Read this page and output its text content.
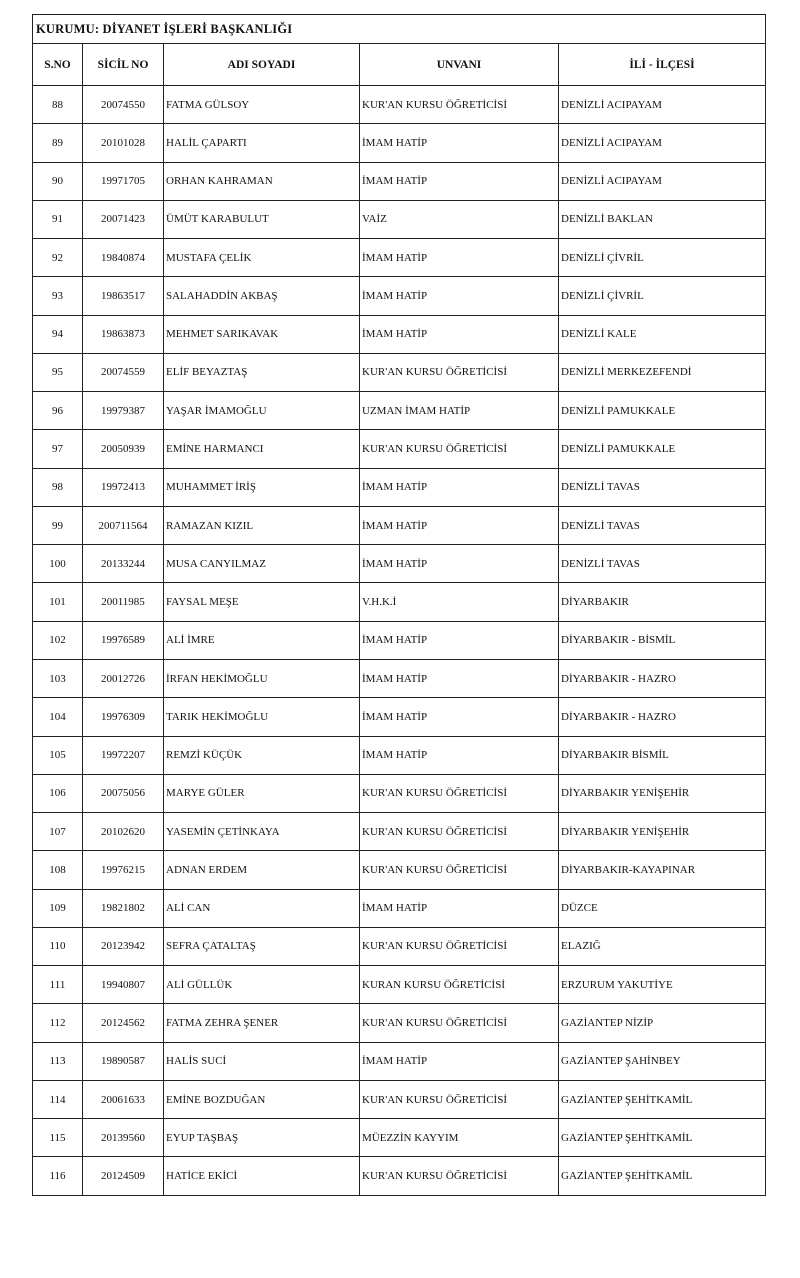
KURUMU: DİYANET İŞLERİ BAŞKANLIĞI				
S.NO	SİCİL NO	ADI SOYADI	UNVANI	İLİ - İLÇESİ
88	20074550	FATMA GÜLSOY	KUR'AN KURSU ÖĞRETİCİSİ	DENİZLİ ACIPAYAM
89	20101028	HALİL ÇAPARTI	İMAM HATİP	DENİZLİ ACIPAYAM
90	19971705	ORHAN KAHRAMAN	İMAM HATİP	DENİZLİ ACIPAYAM
91	20071423	ÜMÜT KARABULUT	VAİZ	DENİZLİ BAKLAN
92	19840874	MUSTAFA ÇELİK	İMAM HATİP	DENİZLİ ÇİVRİL
93	19863517	SALAHADDİN AKBAŞ	İMAM HATİP	DENİZLİ ÇİVRİL
94	19863873	MEHMET SARIKAVAK	İMAM HATİP	DENİZLİ KALE
95	20074559	ELİF BEYAZTAŞ	KUR'AN KURSU ÖĞRETİCİSİ	DENİZLİ MERKEZEFENDİ
96	19979387	YAŞAR İMAMOĞLU	UZMAN İMAM HATİP	DENİZLİ PAMUKKALE
97	20050939	EMİNE HARMANCI	KUR'AN KURSU ÖĞRETİCİSİ	DENİZLİ PAMUKKALE
98	19972413	MUHAMMET İRİŞ	İMAM HATİP	DENİZLİ TAVAS
99	200711564	RAMAZAN KIZIL	İMAM HATİP	DENİZLİ TAVAS
100	20133244	MUSA CANYILMAZ	İMAM HATİP	DENİZLİ TAVAS
101	20011985	FAYSAL MEŞE	V.H.K.İ	DİYARBAKIR
102	19976589	ALİ İMRE	İMAM HATİP	DİYARBAKIR - BİSMİL
103	20012726	İRFAN HEKİMOĞLU	İMAM HATİP	DİYARBAKIR - HAZRO
104	19976309	TARIK HEKİMOĞLU	İMAM HATİP	DİYARBAKIR - HAZRO
105	19972207	REMZİ KÜÇÜK	İMAM HATİP	DİYARBAKIR BİSMİL
106	20075056	MARYE GÜLER	KUR'AN KURSU ÖĞRETİCİSİ	DİYARBAKIR YENİŞEHİR
107	20102620	YASEMİN ÇETİNKAYA	KUR'AN KURSU ÖĞRETİCİSİ	DİYARBAKIR YENİŞEHİR
108	19976215	ADNAN ERDEM	KUR'AN KURSU ÖĞRETİCİSİ	DİYARBAKIR-KAYAPINAR
109	19821802	ALİ CAN	İMAM HATİP	DÜZCE
110	20123942	SEFRA ÇATALTAŞ	KUR'AN KURSU ÖĞRETİCİSİ	ELAZIĞ
111	19940807	ALİ GÜLLÜK	KURAN KURSU ÖĞRETİCİSİ	ERZURUM YAKUTİYE
112	20124562	FATMA ZEHRA ŞENER	KUR'AN KURSU ÖĞRETİCİSİ	GAZİANTEP NİZİP
113	19890587	HALİS SUCİ	İMAM HATİP	GAZİANTEP ŞAHİNBEY
114	20061633	EMİNE BOZDUĞAN	KUR'AN KURSU ÖĞRETİCİSİ	GAZİANTEP ŞEHİTKAMİL
115	20139560	EYUP TAŞBAŞ	MÜEZZİN KAYYIM	GAZİANTEP ŞEHİTKAMİL
116	20124509	HATİCE EKİCİ	KUR'AN KURSU ÖĞRETİCİSİ	GAZİANTEP ŞEHİTKAMİL
